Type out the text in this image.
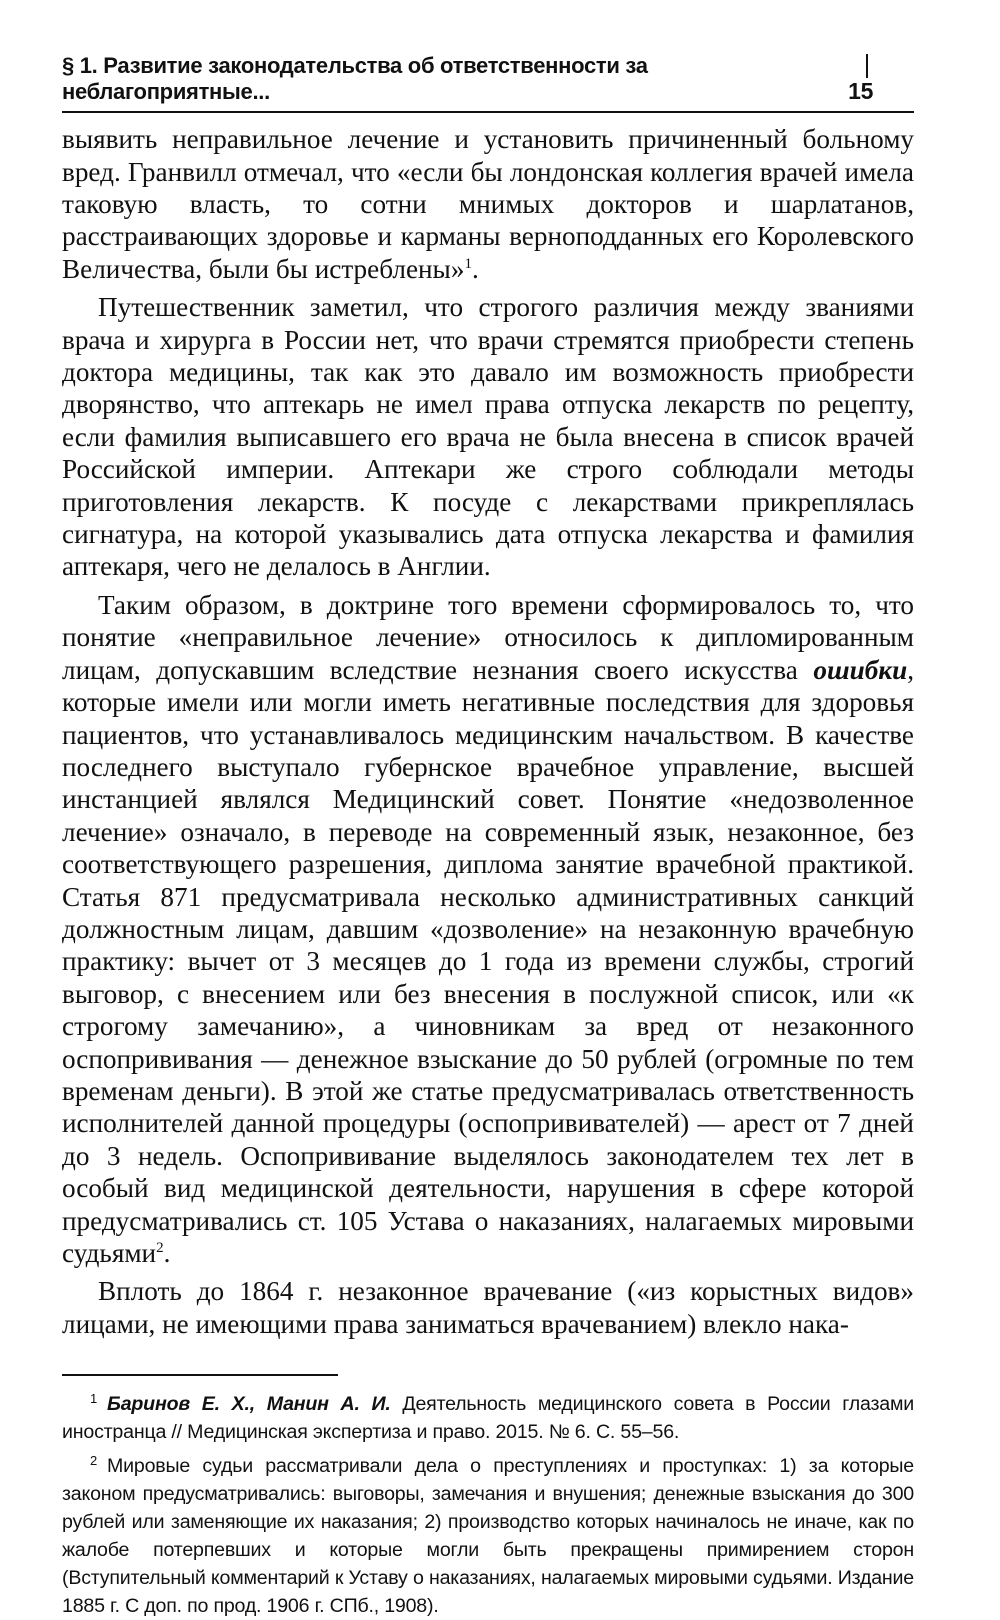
§ 1. Развитие законодательства об ответственности за неблагоприятные...	15

выявить неправильное лечение и установить причиненный больному вред. Гранвилл отмечал, что «если бы лондонская коллегия врачей имела таковую власть, то сотни мнимых докторов и шарлатанов, расстраивающих здоровье и карманы верноподданных его Королевского Величества, были бы истреблены»$^1$.

Путешественник заметил, что строгого различия между званиями врача и хирурга в России нет, что врачи стремятся приобрести степень доктора медицины, так как это давало им возможность приобрести дворянство, что аптекарь не имел права отпуска лекарств по рецепту, если фамилия выписавшего его врача не была внесена в список врачей Российской империи. Аптекари же строго соблюдали методы приготовления лекарств. К посуде с лекарствами прикреплялась сигнатура, на которой указывались дата отпуска лекарства и фамилия аптекаря, чего не делалось в Англии.

Таким образом, в доктрине того времени сформировалось то, что понятие «неправильное лечение» относилось к дипломированным лицам, допускавшим вследствие незнания своего искусства ошибки, которые имели или могли иметь негативные последствия для здоровья пациентов, что устанавливалось медицинским начальством. В качестве последнего выступало губернское врачебное управление, высшей инстанцией являлся Медицинский совет. Понятие «недозволенное лечение» означало, в переводе на современный язык, незаконное, без соответствующего разрешения, диплома занятие врачебной практикой. Статья 871 предусматривала несколько административных санкций должностным лицам, давшим «дозволение» на незаконную врачебную практику: вычет от 3 месяцев до 1 года из времени службы, строгий выговор, с внесением или без внесения в послужной список, или «к строгому замечанию», а чиновникам за вред от незаконного оспопрививания — денежное взыскание до 50 рублей (огромные по тем временам деньги). В этой же статье предусматривалась ответственность исполнителей данной процедуры (оспопрививателей) — арест от 7 дней до 3 недель. Оспопрививание выделялось законодателем тех лет в особый вид медицинской деятельности, нарушения в сфере которой предусматривались ст. 105 Устава о наказаниях, налагаемых мировыми судьями$^2$.

Вплоть до 1864 г. незаконное врачевание («из корыстных видов» лицами, не имеющими права заниматься врачеванием) влекло нака-

$^1$ Баринов Е. Х., Манин А. И. Деятельность медицинского совета в России глазами иностранца // Медицинская экспертиза и право. 2015. № 6. С. 55–56.

$^2$ Мировые судьи рассматривали дела о преступлениях и проступках: 1) за которые законом предусматривались: выговоры, замечания и внушения; денежные взыскания до 300 рублей или заменяющие их наказания; 2) производство которых начиналось не иначе, как по жалобе потерпевших и которые могли быть прекращены примирением сторон (Вступительный комментарий к Уставу о наказаниях, налагаемых мировыми судьями. Издание 1885 г. С доп. по прод. 1906 г. СПб., 1908).
